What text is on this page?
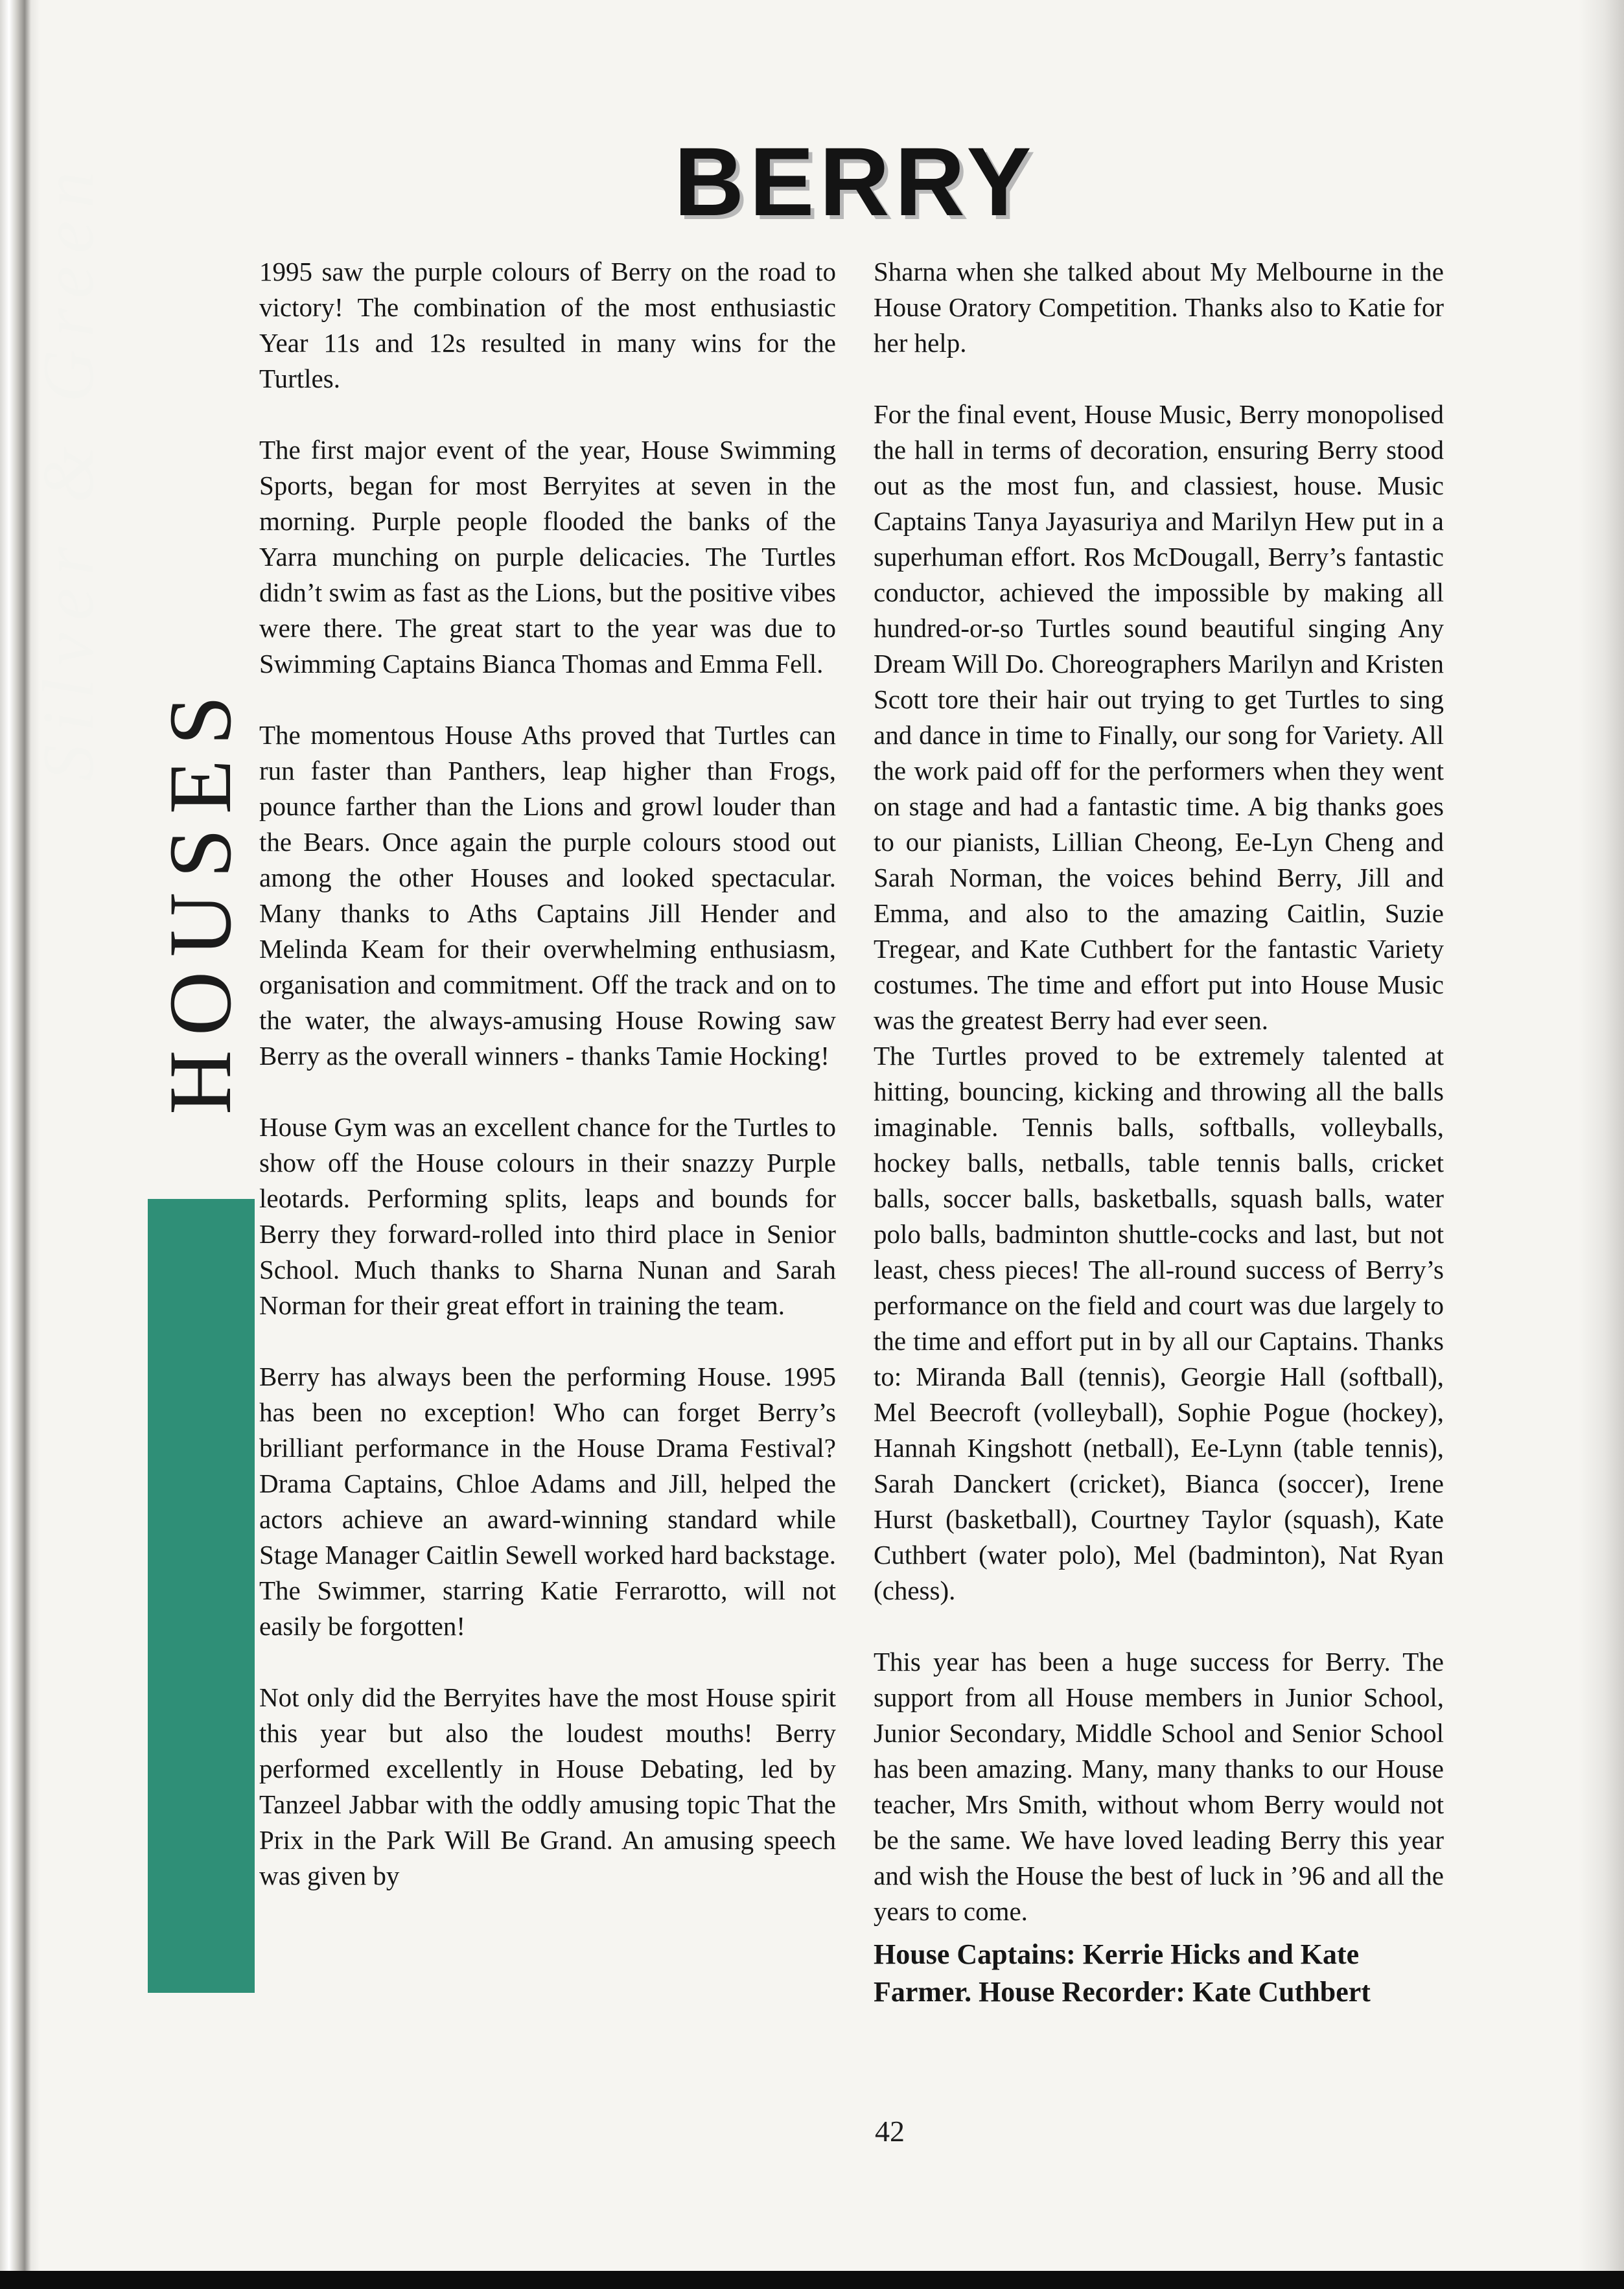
BERRY
HOUSES
Silver & Green	1995 saw the purple colours of Berry on the road to victory! The combination of the most enthusiastic Year 11s and 12s resulted in many wins for the Turtles.

The first major event of the year, House Swimming Sports, began for most Berryites at seven in the morning. Purple people flooded the banks of the Yarra munching on purple delicacies. The Turtles didn’t swim as fast as the Lions, but the positive vibes were there. The great start to the year was due to Swimming Captains Bianca Thomas and Emma Fell.

The momentous House Aths proved that Turtles can run faster than Panthers, leap higher than Frogs, pounce farther than the Lions and growl louder than the Bears. Once again the purple colours stood out among the other Houses and looked spectacular. Many thanks to Aths Captains Jill Hender and Melinda Keam for their overwhelming enthusiasm, organisation and commitment. Off the track and on to the water, the always-amusing House Rowing saw Berry as the overall winners - thanks Tamie Hocking!

House Gym was an excellent chance for the Turtles to show off the House colours in their snazzy Purple leotards. Performing splits, leaps and bounds for Berry they forward-rolled into third place in Senior School. Much thanks to Sharna Nunan and Sarah Norman for their great effort in training the team.

Berry has always been the performing House. 1995 has been no exception! Who can forget Berry’s brilliant performance in the House Drama Festival? Drama Captains, Chloe Adams and Jill, helped the actors achieve an award-winning standard while Stage Manager Caitlin Sewell worked hard backstage. The Swimmer, starring Katie Ferrarotto, will not easily be forgotten!

Not only did the Berryites have the most House spirit this year but also the loudest mouths! Berry performed excellently in House Debating, led by Tanzeel Jabbar with the oddly amusing topic That the Prix in the Park Will Be Grand. An amusing speech was given by

Sharna when she talked about My Melbourne in the House Oratory Competition. Thanks also to Katie for her help.

For the final event, House Music, Berry monopolised the hall in terms of decoration, ensuring Berry stood out as the most fun, and classiest, house. Music Captains Tanya Jayasuriya and Marilyn Hew put in a superhuman effort. Ros McDougall, Berry’s fantastic conductor, achieved the impossible by making all hundred-or-so Turtles sound beautiful singing Any Dream Will Do. Choreographers Marilyn and Kristen Scott tore their hair out trying to get Turtles to sing and dance in time to Finally, our song for Variety. All the work paid off for the performers when they went on stage and had a fantastic time. A big thanks goes to our pianists, Lillian Cheong, Ee-Lyn Cheng and Sarah Norman, the voices behind Berry, Jill and Emma, and also to the amazing Caitlin, Suzie Tregear, and Kate Cuthbert for the fantastic Variety costumes. The time and effort put into House Music was the greatest Berry had ever seen.

The Turtles proved to be extremely talented at hitting, bouncing, kicking and throwing all the balls imaginable. Tennis balls, softballs, volleyballs, hockey balls, netballs, table tennis balls, cricket balls, soccer balls, basketballs, squash balls, water polo balls, badminton shuttle-cocks and last, but not least, chess pieces! The all-round success of Berry’s performance on the field and court was due largely to the time and effort put in by all our Captains. Thanks to: Miranda Ball (tennis), Georgie Hall (softball), Mel Beecroft (volleyball), Sophie Pogue (hockey), Hannah Kingshott (netball), Ee-Lynn (table tennis), Sarah Danckert (cricket), Bianca (soccer), Irene Hurst (basketball), Courtney Taylor (squash), Kate Cuthbert (water polo), Mel (badminton), Nat Ryan (chess).

This year has been a huge success for Berry. The support from all House members in Junior School, Junior Secondary, Middle School and Senior School has been amazing. Many, many thanks to our House teacher, Mrs Smith, without whom Berry would not be the same. We have loved leading Berry this year and wish the House the best of luck in ’96 and all the years to come.

House Captains: Kerrie Hicks and Kate Farmer. House Recorder: Kate Cuthbert
42
